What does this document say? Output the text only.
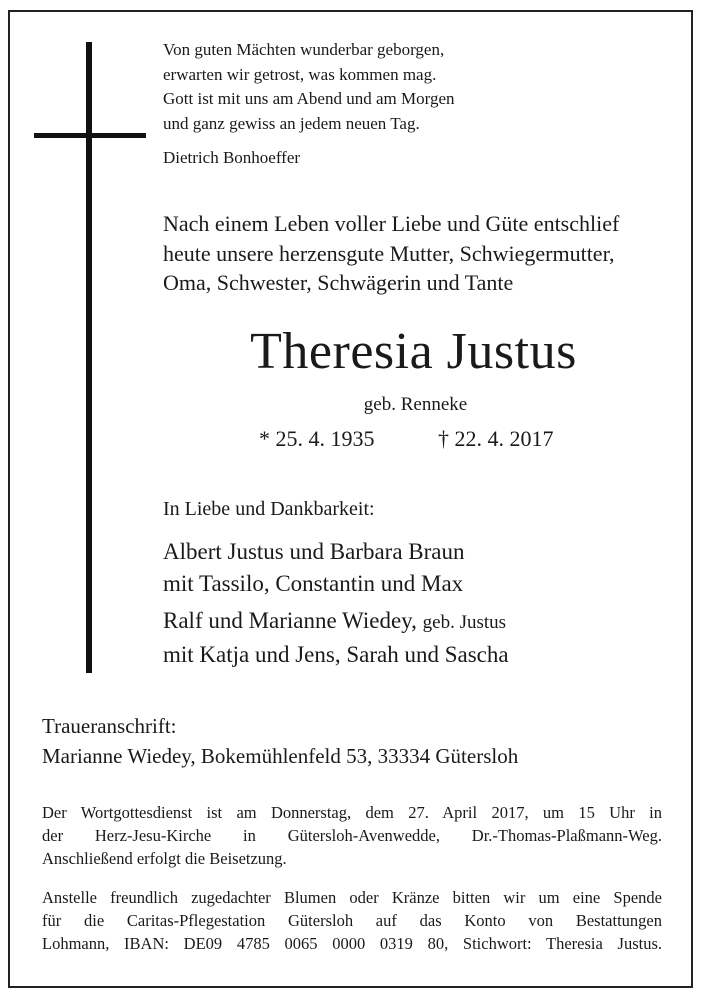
Von guten Mächten wunderbar geborgen,
erwarten wir getrost, was kommen mag.
Gott ist mit uns am Abend und am Morgen
und ganz gewiss an jedem neuen Tag.
Dietrich Bonhoeffer
Nach einem Leben voller Liebe und Güte entschlief
heute unsere herzensgute Mutter, Schwiegermutter,
Oma, Schwester, Schwägerin und Tante
Theresia Justus
geb. Renneke
* 25. 4. 1935	† 22. 4. 2017
In Liebe und Dankbarkeit:
Albert Justus und Barbara Braun
mit Tassilo, Constantin und Max
Ralf und Marianne Wiedey, geb. Justus
mit Katja und Jens, Sarah und Sascha
Traueranschrift:
Marianne Wiedey, Bokemühlenfeld 53, 33334 Gütersloh
Der Wortgottesdienst ist am Donnerstag, dem 27. April 2017, um 15 Uhr in
der Herz-Jesu-Kirche in Gütersloh-Avenwedde, Dr.-Thomas-Plaßmann-Weg.
Anschließend erfolgt die Beisetzung.
Anstelle freundlich zugedachter Blumen oder Kränze bitten wir um eine Spende
für die Caritas-Pflegestation Gütersloh auf das Konto von Bestattungen
Lohmann, IBAN: DE09 4785 0065 0000 0319 80, Stichwort: Theresia Justus.
